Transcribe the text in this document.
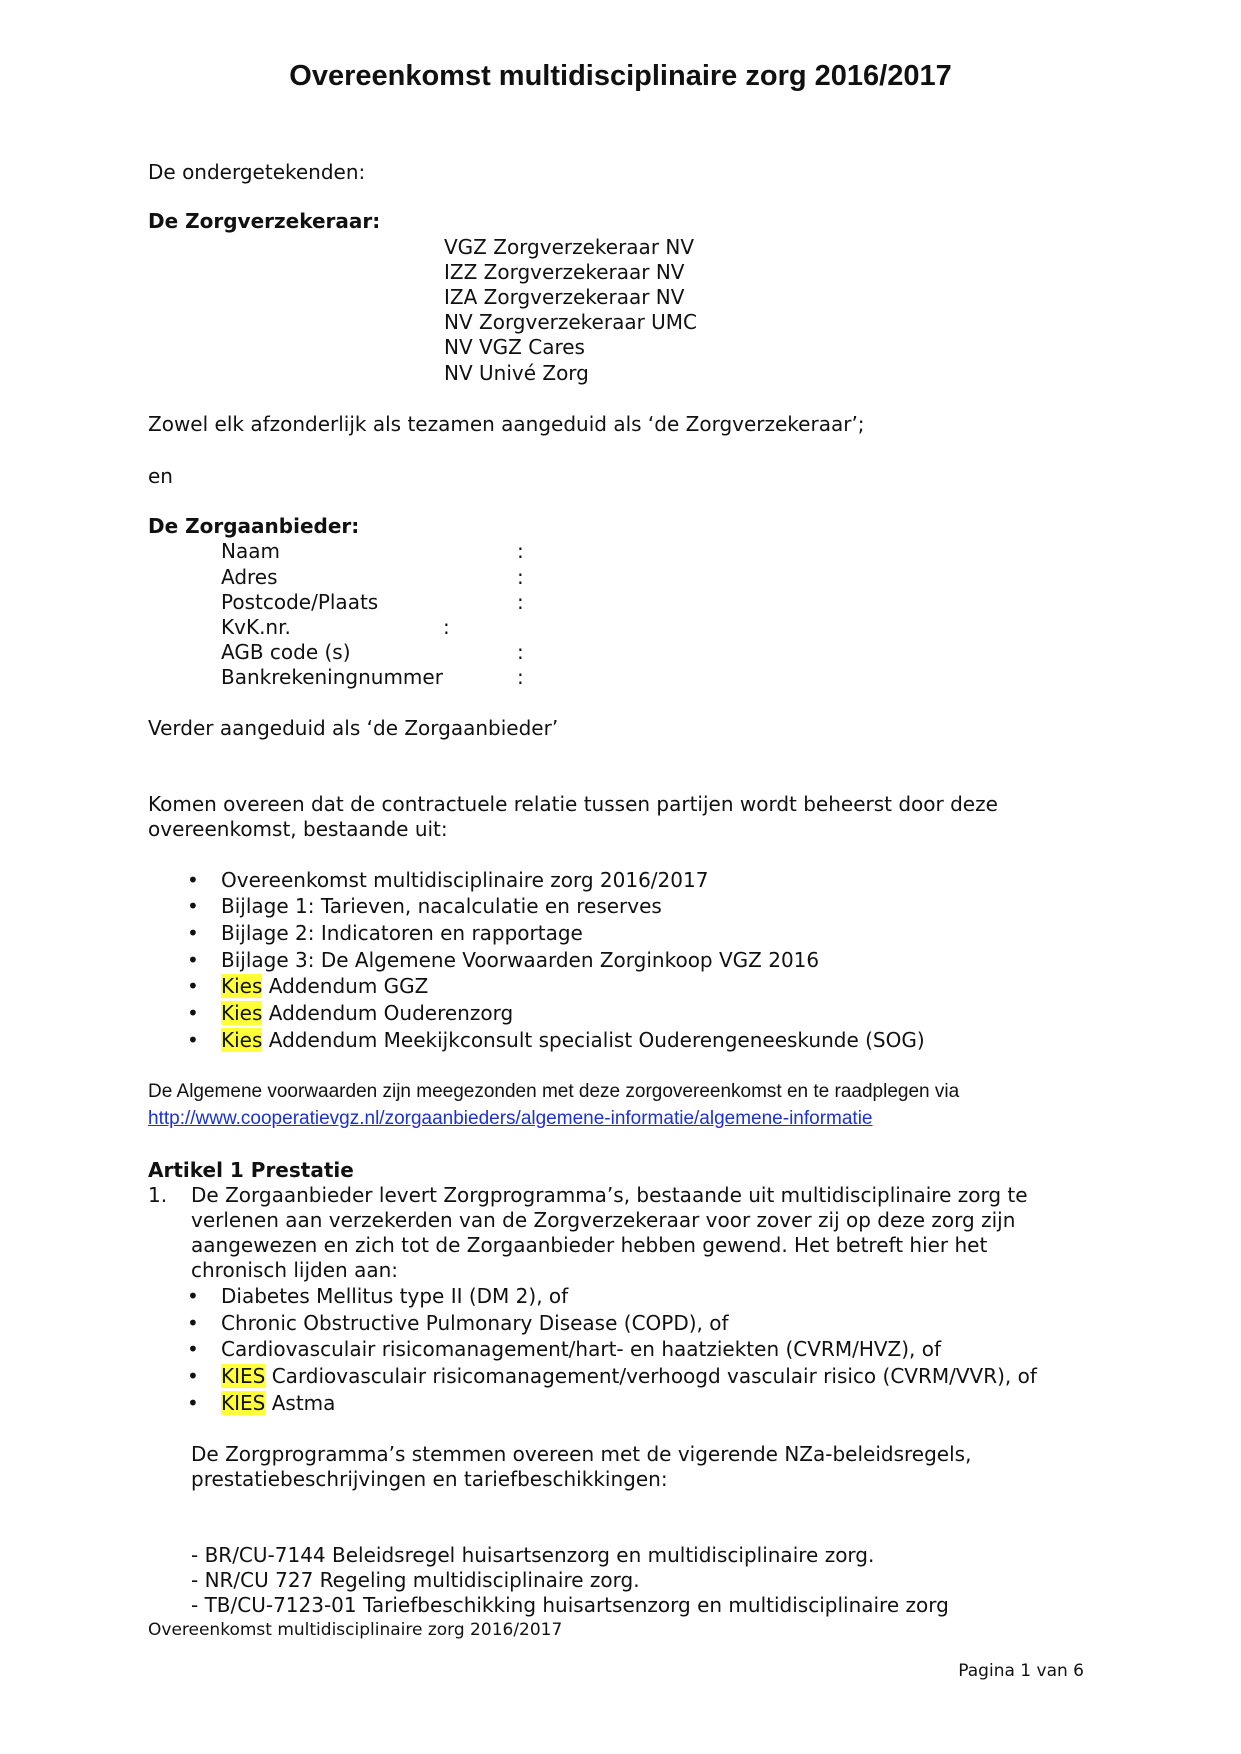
Overeenkomst multidisciplinaire zorg 2016/2017
De ondergetekenden:
De Zorgverzekeraar:
VGZ Zorgverzekeraar NV
IZZ Zorgverzekeraar NV
IZA Zorgverzekeraar NV
NV Zorgverzekeraar UMC
NV VGZ Cares
NV Univé Zorg
Zowel elk afzonderlijk als tezamen aangeduid als ‘de Zorgverzekeraar’;
en
De Zorgaanbieder:
Naam	:
Adres	:
Postcode/Plaats	:
KvK.nr.	:
AGB code (s)	:
Bankrekeningnummer	:
Verder aangeduid als ‘de Zorgaanbieder’
Komen overeen dat de contractuele relatie tussen partijen wordt beheerst door deze
overeenkomst, bestaande uit:
• Overeenkomst multidisciplinaire zorg 2016/2017
• Bijlage 1: Tarieven, nacalculatie en reserves
• Bijlage 2: Indicatoren en rapportage
• Bijlage 3: De Algemene Voorwaarden Zorginkoop VGZ 2016
• Kies Addendum GGZ
• Kies Addendum Ouderenzorg
• Kies Addendum Meekijkconsult specialist Ouderengeneeskunde (SOG)
De Algemene voorwaarden zijn meegezonden met deze zorgovereenkomst en te raadplegen via
http://www.cooperatievgz.nl/zorgaanbieders/algemene-informatie/algemene-informatie
Artikel 1 Prestatie
1. De Zorgaanbieder levert Zorgprogramma’s, bestaande uit multidisciplinaire zorg te
verlenen aan verzekerden van de Zorgverzekeraar voor zover zij op deze zorg zijn
aangewezen en zich tot de Zorgaanbieder hebben gewend. Het betreft hier het
chronisch lijden aan:
• Diabetes Mellitus type II (DM 2), of
• Chronic Obstructive Pulmonary Disease (COPD), of
• Cardiovasculair risicomanagement/hart- en haatziekten (CVRM/HVZ), of
• KIES Cardiovasculair risicomanagement/verhoogd vasculair risico (CVRM/VVR), of
• KIES Astma
De Zorgprogramma’s stemmen overeen met de vigerende NZa-beleidsregels,
prestatiebeschrijvingen en tariefbeschikkingen:
- BR/CU-7144 Beleidsregel huisartsenzorg en multidisciplinaire zorg.
- NR/CU 727 Regeling multidisciplinaire zorg.
- TB/CU-7123-01 Tariefbeschikking huisartsenzorg en multidisciplinaire zorg
Overeenkomst multidisciplinaire zorg 2016/2017
Pagina 1 van 6
